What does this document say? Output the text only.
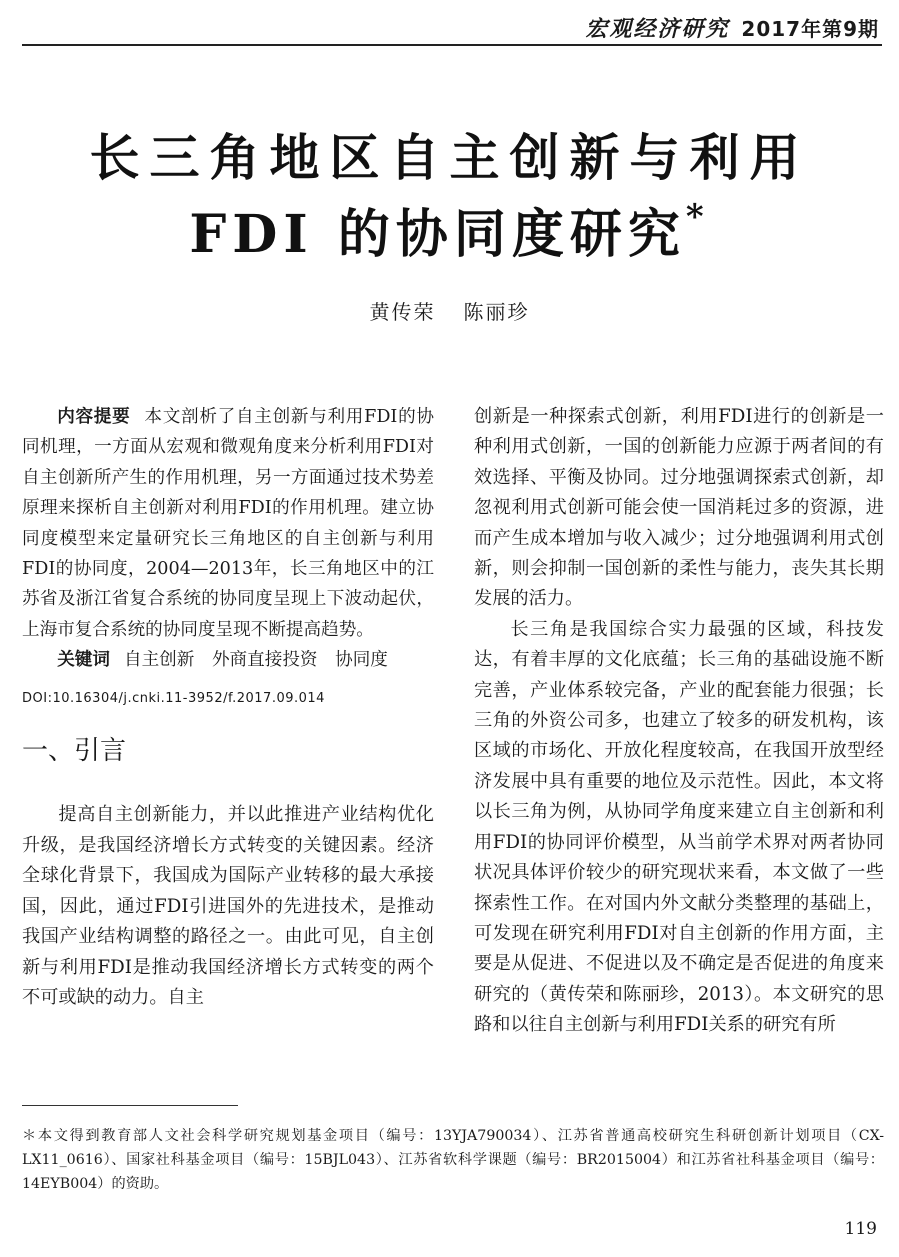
宏观经济研究 2017年第9期
长三角地区自主创新与利用
FDI 的协同度研究*
黄传荣 陈丽珍

内容提要 本文剖析了自主创新与利用FDI的协同机理，一方面从宏观和微观角度来分析利用FDI对自主创新所产生的作用机理，另一方面通过技术势差原理来探析自主创新对利用FDI的作用机理。建立协同度模型来定量研究长三角地区的自主创新与利用FDI的协同度，2004—2013年，长三角地区中的江苏省及浙江省复合系统的协同度呈现上下波动起伏，上海市复合系统的协同度呈现不断提高趋势。

关键词 自主创新　外商直接投资　协同度

DOI:10.16304/j.cnki.11-3952/f.2017.09.014
一、引言

提高自主创新能力，并以此推进产业结构优化升级，是我国经济增长方式转变的关键因素。经济全球化背景下，我国成为国际产业转移的最大承接国，因此，通过FDI引进国外的先进技术，是推动我国产业结构调整的路径之一。由此可见，自主创新与利用FDI是推动我国经济增长方式转变的两个不可或缺的动力。自主

创新是一种探索式创新，利用FDI进行的创新是一种利用式创新，一国的创新能力应源于两者间的有效选择、平衡及协同。过分地强调探索式创新，却忽视利用式创新可能会使一国消耗过多的资源，进而产生成本增加与收入减少；过分地强调利用式创新，则会抑制一国创新的柔性与能力，丧失其长期发展的活力。

长三角是我国综合实力最强的区域，科技发达，有着丰厚的文化底蕴；长三角的基础设施不断完善，产业体系较完备，产业的配套能力很强；长三角的外资公司多，也建立了较多的研发机构，该区域的市场化、开放化程度较高，在我国开放型经济发展中具有重要的地位及示范性。因此，本文将以长三角为例，从协同学角度来建立自主创新和利用FDI的协同评价模型，从当前学术界对两者协同状况具体评价较少的研究现状来看，本文做了一些探索性工作。在对国内外文献分类整理的基础上，可发现在研究利用FDI对自主创新的作用方面，主要是从促进、不促进以及不确定是否促进的角度来研究的（黄传荣和陈丽珍，2013）。本文研究的思路和以往自主创新与利用FDI关系的研究有所

＊本文得到教育部人文社会科学研究规划基金项目（编号：13YJA790034）、江苏省普通高校研究生科研创新计划项目（CX-LX11_0616）、国家社科基金项目（编号：15BJL043）、江苏省软科学课题（编号：BR2015004）和江苏省社科基金项目（编号：14EYB004）的资助。
119
